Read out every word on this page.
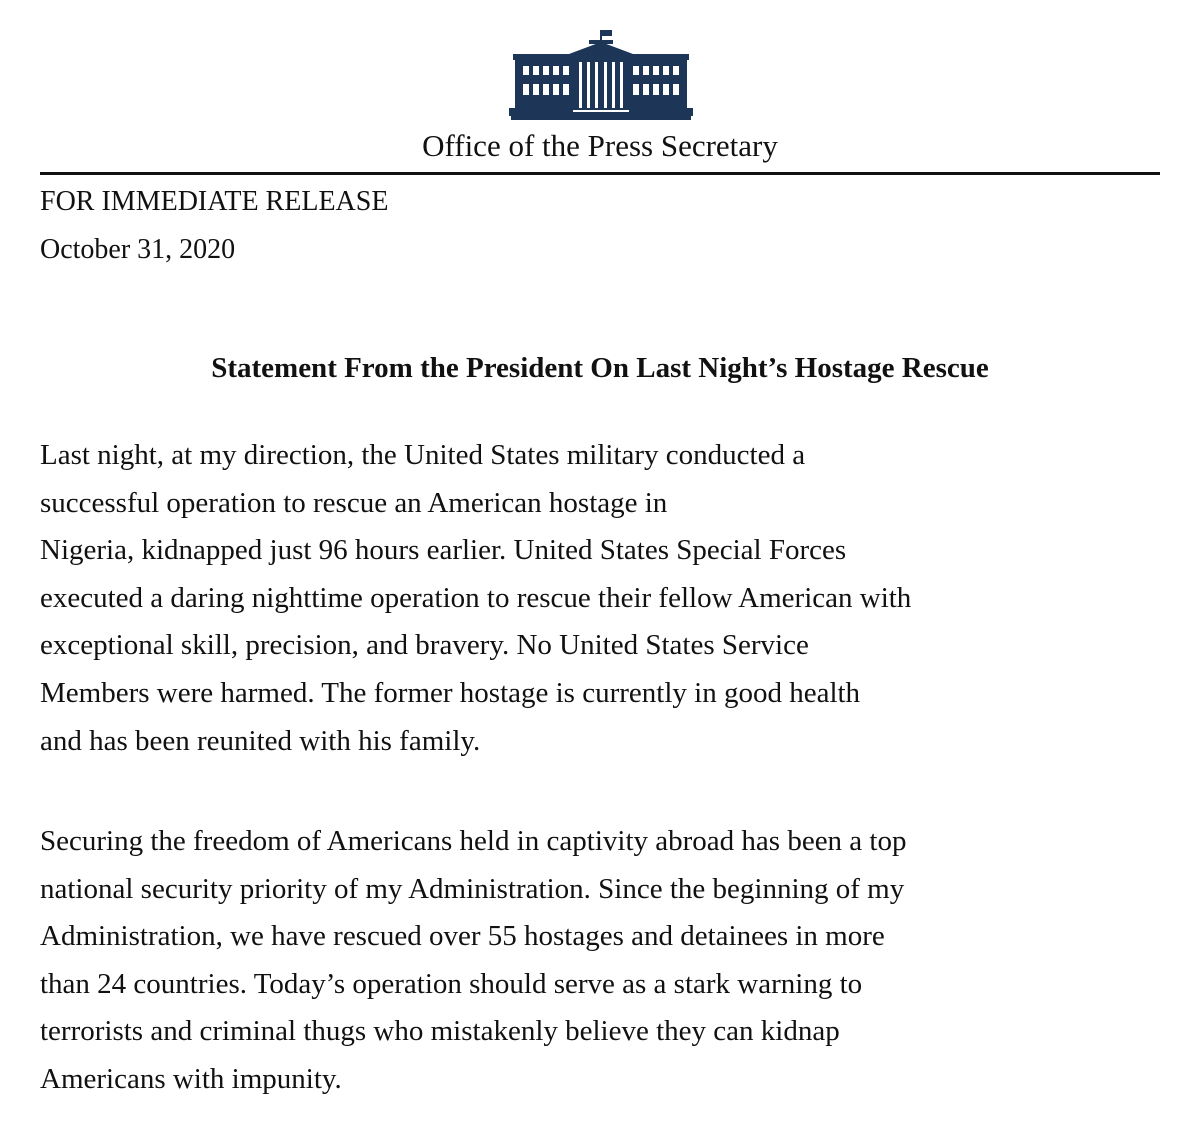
Office of the Press Secretary
FOR IMMEDIATE RELEASE
October 31, 2020
Statement From the President On Last Night’s Hostage Rescue

Last night, at my direction, the United States military conducted a
successful operation to rescue an American hostage in
Nigeria, kidnapped just 96 hours earlier. United States Special Forces
executed a daring nighttime operation to rescue their fellow American with
exceptional skill, precision, and bravery. No United States Service
Members were harmed. The former hostage is currently in good health
and has been reunited with his family.

Securing the freedom of Americans held in captivity abroad has been a top
national security priority of my Administration. Since the beginning of my
Administration, we have rescued over 55 hostages and detainees in more
than 24 countries. Today’s operation should serve as a stark warning to
terrorists and criminal thugs who mistakenly believe they can kidnap
Americans with impunity.
